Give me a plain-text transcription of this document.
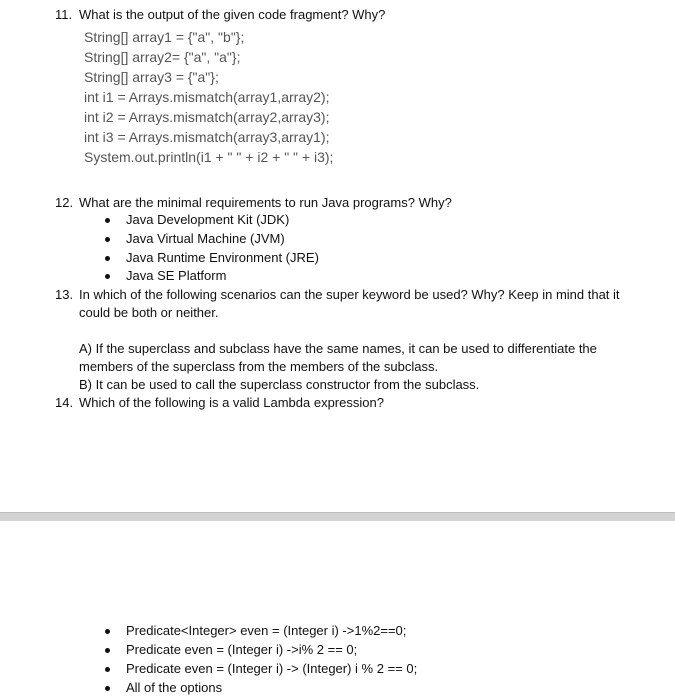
11. What is the output of the given code fragment? Why?
String[] array1 = {"a", "b"};
String[] array2= {"a", "a"};
String[] array3 = {"a"};
int i1 = Arrays.mismatch(array1,array2);
int i2 = Arrays.mismatch(array2,array3);
int i3 = Arrays.mismatch(array3,array1);
System.out.println(i1 + " " + i2 + " " + i3);
12. What are the minimal requirements to run Java programs? Why?
Java Development Kit (JDK)
Java Virtual Machine (JVM)
Java Runtime Environment (JRE)
Java SE Platform
13. In which of the following scenarios can the super keyword be used? Why? Keep in mind that it
could be both or neither.
A) If the superclass and subclass have the same names, it can be used to differentiate the
members of the superclass from the members of the subclass.
B) It can be used to call the superclass constructor from the subclass.
14. Which of the following is a valid Lambda expression?
Predicate<Integer> even = (Integer i) ->1%2==0;
Predicate even = (Integer i) ->i% 2 == 0;
Predicate even = (Integer i) -> (Integer) i % 2 == 0;
All of the options
